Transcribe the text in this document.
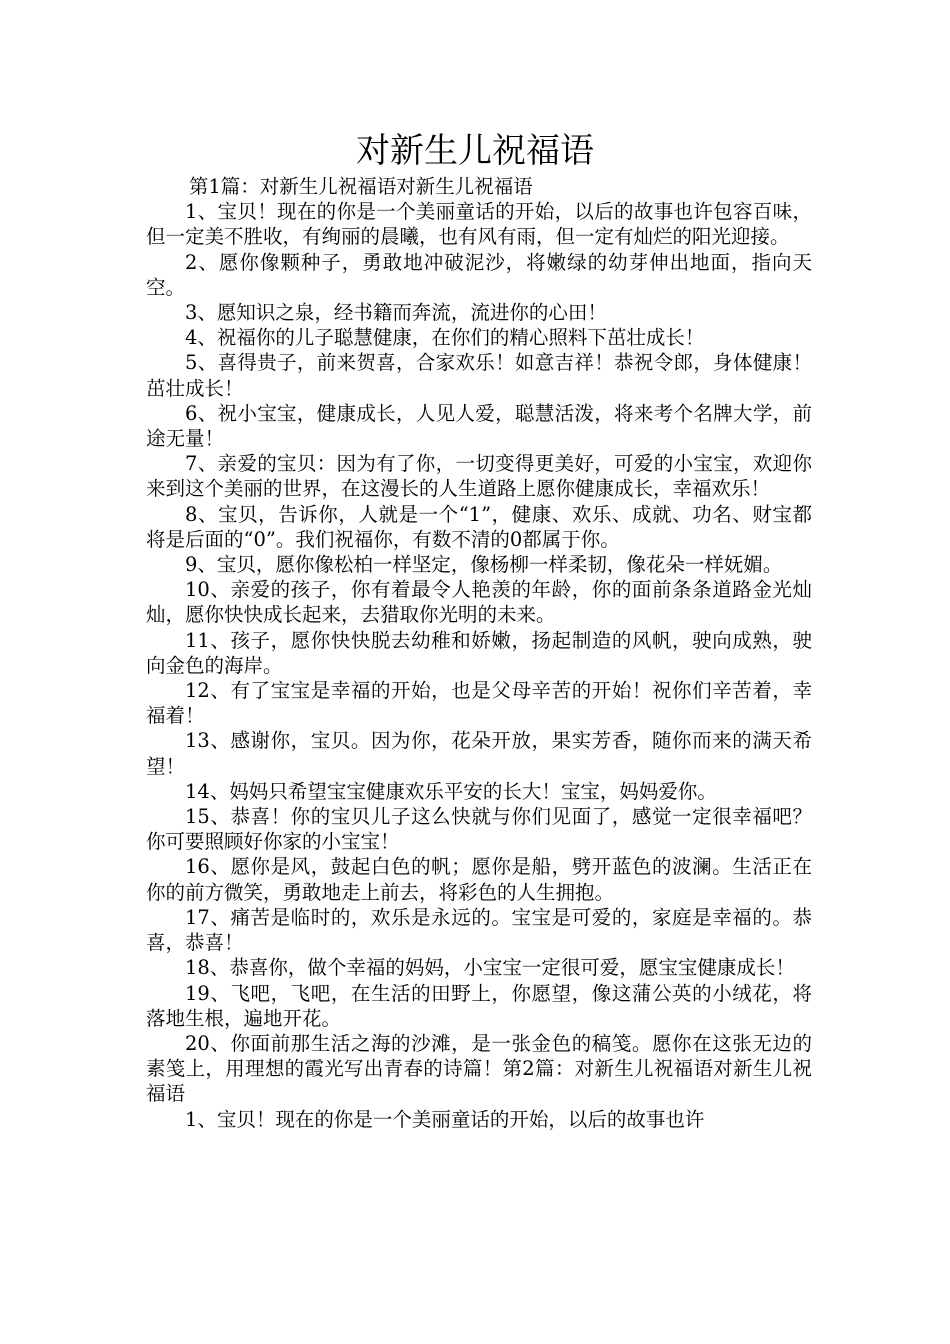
对新生儿祝福语

第1篇：对新生儿祝福语对新生儿祝福语

1、宝贝！现在的你是一个美丽童话的开始，以后的故事也许包容百味，但一定美不胜收，有绚丽的晨曦，也有风有雨，但一定有灿烂的阳光迎接。

2、愿你像颗种子，勇敢地冲破泥沙，将嫩绿的幼芽伸出地面，指向天空。

3、愿知识之泉，经书籍而奔流，流进你的心田！

4、祝福你的儿子聪慧健康，在你们的精心照料下茁壮成长！

5、喜得贵子，前来贺喜，合家欢乐！如意吉祥！恭祝令郎，身体健康！茁壮成长！

6、祝小宝宝，健康成长，人见人爱，聪慧活泼，将来考个名牌大学，前途无量！

7、亲爱的宝贝：因为有了你，一切变得更美好，可爱的小宝宝，欢迎你来到这个美丽的世界，在这漫长的人生道路上愿你健康成长，幸福欢乐！

8、宝贝，告诉你，人就是一个“1”，健康、欢乐、成就、功名、财宝都将是后面的“0”。我们祝福你，有数不清的0都属于你。

9、宝贝，愿你像松柏一样坚定，像杨柳一样柔韧，像花朵一样妩媚。

10、亲爱的孩子，你有着最令人艳羡的年龄，你的面前条条道路金光灿灿，愿你快快成长起来，去猎取你光明的未来。

11、孩子，愿你快快脱去幼稚和娇嫩，扬起制造的风帆，驶向成熟，驶向金色的海岸。

12、有了宝宝是幸福的开始，也是父母辛苦的开始！祝你们辛苦着，幸福着！

13、感谢你，宝贝。因为你，花朵开放，果实芳香，随你而来的满天希望！

14、妈妈只希望宝宝健康欢乐平安的长大！宝宝，妈妈爱你。

15、恭喜！你的宝贝儿子这么快就与你们见面了，感觉一定很幸福吧？你可要照顾好你家的小宝宝！

16、愿你是风，鼓起白色的帆；愿你是船，劈开蓝色的波澜。生活正在你的前方微笑，勇敢地走上前去，将彩色的人生拥抱。

17、痛苦是临时的，欢乐是永远的。宝宝是可爱的，家庭是幸福的。恭喜，恭喜！

18、恭喜你，做个幸福的妈妈，小宝宝一定很可爱，愿宝宝健康成长！

19、飞吧，飞吧，在生活的田野上，你愿望，像这蒲公英的小绒花，将落地生根，遍地开花。

20、你面前那生活之海的沙滩，是一张金色的稿笺。愿你在这张无边的素笺上，用理想的霞光写出青春的诗篇！第2篇：对新生儿祝福语对新生儿祝福语

1、宝贝！现在的你是一个美丽童话的开始，以后的故事也许
